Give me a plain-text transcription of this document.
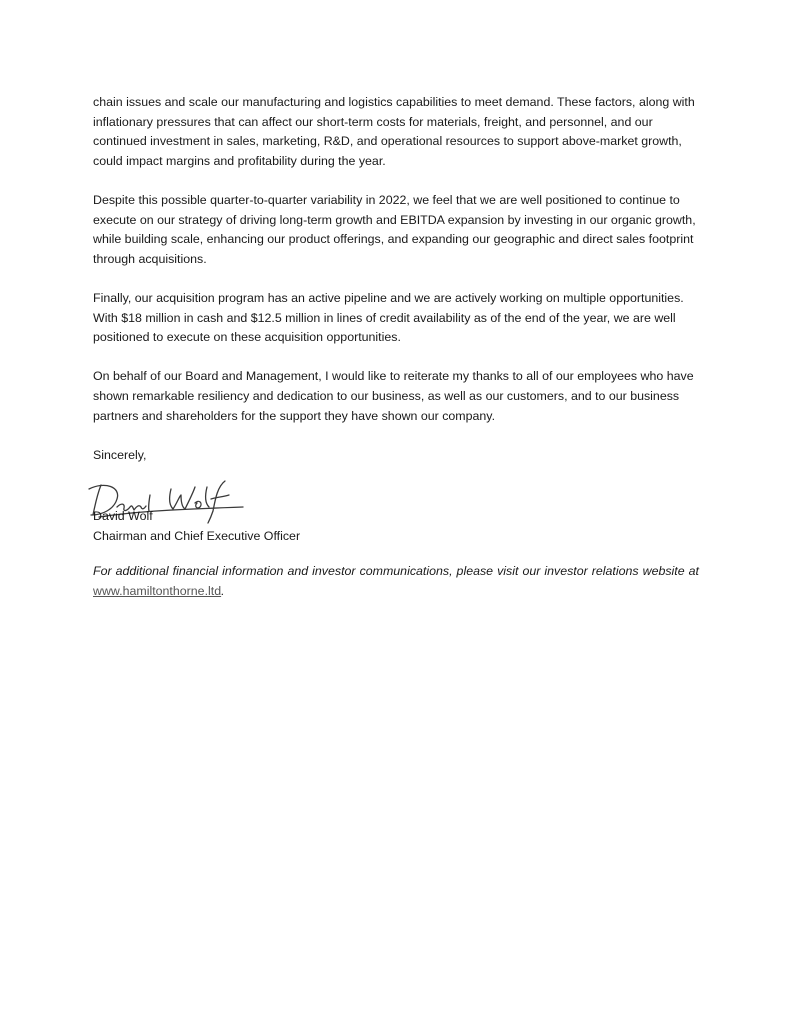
chain issues and scale our manufacturing and logistics capabilities to meet demand. These factors, along with inflationary pressures that can affect our short-term costs for materials, freight, and personnel, and our continued investment in sales, marketing, R&D, and operational resources to support above-market growth, could impact margins and profitability during the year.

Despite this possible quarter-to-quarter variability in 2022, we feel that we are well positioned to continue to execute on our strategy of driving long-term growth and EBITDA expansion by investing in our organic growth, while building scale, enhancing our product offerings, and expanding our geographic and direct sales footprint through acquisitions.

Finally, our acquisition program has an active pipeline and we are actively working on multiple opportunities. With $18 million in cash and $12.5 million in lines of credit availability as of the end of the year, we are well positioned to execute on these acquisition opportunities.

On behalf of our Board and Management, I would like to reiterate my thanks to all of our employees who have shown remarkable resiliency and dedication to our business, as well as our customers, and to our business partners and shareholders for the support they have shown our company.

Sincerely,

David Wolf
Chairman and Chief Executive Officer

For additional financial information and investor communications, please visit our investor relations website at www.hamiltonthorne.ltd.
